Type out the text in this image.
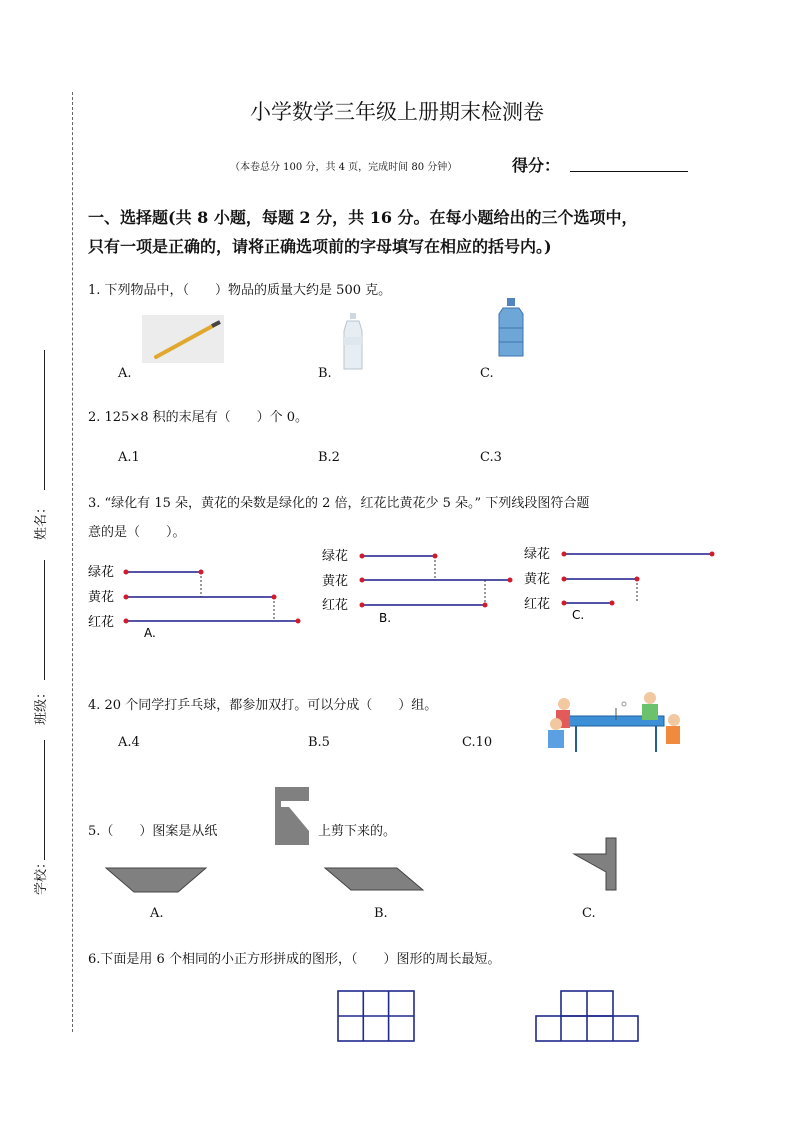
姓名：
班级：
学校：
小学数学三年级上册期末检测卷
（本卷总分 100 分，共 4 页，完成时间 80 分钟）	得分：
一、选择题(共 8 小题，每题 2 分，共 16 分。在每小题给出的三个选项中，
只有一项是正确的，请将正确选项前的字母填写在相应的括号内。)
1. 下列物品中，（　　）物品的质量大约是 500 克。
A.	B.	C.
2. 125×8 积的末尾有（　　）个 0。
A.1	B.2	C.3
3. “绿化有 15 朵，黄花的朵数是绿化的 2 倍，红花比黄花少 5 朵。” 下列线段图符合题
意的是（　　）。
绿花
黄花
红花
A.
绿花
黄花
红花
B.
绿花
黄花
红花
C.
4. 20 个同学打乒乓球，都参加双打。可以分成（　　）组。
A.4	B.5	C.10
5.（　　）图案是从纸	上剪下来的。
A.	B.	C.
6.下面是用 6 个相同的小正方形拼成的图形，（　　）图形的周长最短。
